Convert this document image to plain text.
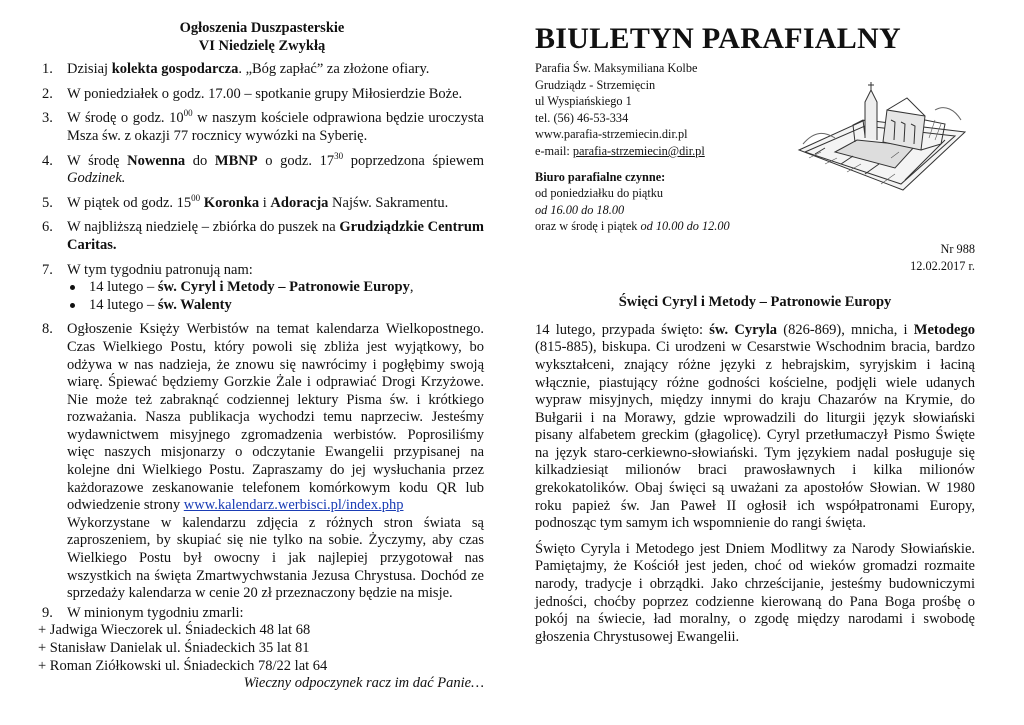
Ogłoszenia Duszpasterskie
VI Niedzielę Zwykłą
1. Dzisiaj kolekta gospodarcza. „Bóg zapłać” za złożone ofiary.
2. W poniedziałek o godz. 17.00 – spotkanie grupy Miłosierdzie Boże.
3. W środę o godz. $10^{00}$ w naszym kościele odprawiona będzie uroczysta Msza św. z okazji 77 rocznicy wywózki na Syberię.
4. W środę Nowenna do MBNP o godz. $17^{30}$ poprzedzona śpiewem Godzinek.
5. W piątek od godz. $15^{00}$ Koronka i Adoracja Najśw. Sakramentu.
6. W najbliższą niedzielę – zbiórka do puszek na Grudziądzkie Centrum Caritas.
7. W tym tygodniu patronują nam:
14 lutego – św. Cyryl i Metody – Patronowie Europy,
14 lutego – św. Walenty
8. Ogłoszenie Księży Werbistów na temat kalendarza Wielkopostnego. Czas Wielkiego Postu, który powoli się zbliża jest wyjątkowy, bo odżywa w nas nadzieja, że znowu się nawrócimy i pogłębimy swoją wiarę. Śpiewać będziemy Gorzkie Żale i odprawiać Drogi Krzyżowe. Nie może też zabraknąć codziennej lektury Pisma św. i krótkiego rozważania. Nasza publikacja wychodzi temu naprzeciw. Jesteśmy wydawnictwem misyjnego zgromadzenia werbistów. Poprosiliśmy więc naszych misjonarzy o odczytanie Ewangelii przypisanej na kolejne dni Wielkiego Postu. Zapraszamy do jej wysłuchania przez każdorazowe zeskanowanie telefonem komórkowym kodu QR lub odwiedzenie strony www.kalendarz.werbisci.pl/index.php
Wykorzystane w kalendarzu zdjęcia z różnych stron świata są zaproszeniem, by skupiać się nie tylko na sobie. Życzymy, aby czas Wielkiego Postu był owocny i jak najlepiej przygotował nas wszystkich na święta Zmartwychwstania Jezusa Chrystusa. Dochód ze sprzedaży kalendarza w cenie 20 zł przeznaczony będzie na misje.
9. W minionym tygodniu zmarli:
+ Jadwiga Wieczorek ul. Śniadeckich 48 lat 68
+ Stanisław Danielak ul. Śniadeckich 35 lat 81
+ Roman Ziółkowski ul. Śniadeckich 78/22 lat 64
Wieczny odpoczynek racz im dać Panie…
BIULETYN PARAFIALNY
Parafia Św. Maksymiliana Kolbe
Grudziądz - Strzemięcin
ul Wyspiańskiego 1
tel. (56) 46-53-334
www.parafia-strzemiecin.dir.pl
e-mail: parafia-strzemiecin@dir.pl
Biuro parafialne czynne:
od poniedziałku do piątku
od 16.00 do 18.00
oraz w środę i piątek od 10.00 do 12.00
Nr 988
12.02.2017 r.
Święci Cyryl i Metody – Patronowie Europy
14 lutego, przypada święto: św. Cyryla (826-869), mnicha, i Metodego (815-885), biskupa. Ci urodzeni w Cesarstwie Wschodnim bracia, bardzo wykształceni, znający różne języki z hebrajskim, syryjskim i łaciną włącznie, piastujący różne godności kościelne, podjęli wiele udanych wypraw misyjnych, między innymi do kraju Chazarów na Krymie, do Bułgarii i na Morawy, gdzie wprowadzili do liturgii język słowiański pisany alfabetem greckim (głagolicę). Cyryl przetłumaczył Pismo Święte na język staro-cerkiewno-słowiański. Tym językiem nadal posługuje się kilkadziesiąt milionów braci prawosławnych i kilka milionów grekokatolików. Obaj święci są uważani za apostołów Słowian. W 1980 roku papież św. Jan Paweł II ogłosił ich współpatronami Europy, podnosząc tym samym ich wspomnienie do rangi święta.
Święto Cyryla i Metodego jest Dniem Modlitwy za Narody Słowiańskie. Pamiętajmy, że Kościół jest jeden, choć od wieków gromadzi rozmaite narody, tradycje i obrządki. Jako chrześcijanie, jesteśmy budowniczymi jedności, choćby poprzez codzienne kierowaną do Pana Boga prośbę o pokój na świecie, ład moralny, o zgodę między narodami i swobodę głoszenia Chrystusowej Ewangelii.
